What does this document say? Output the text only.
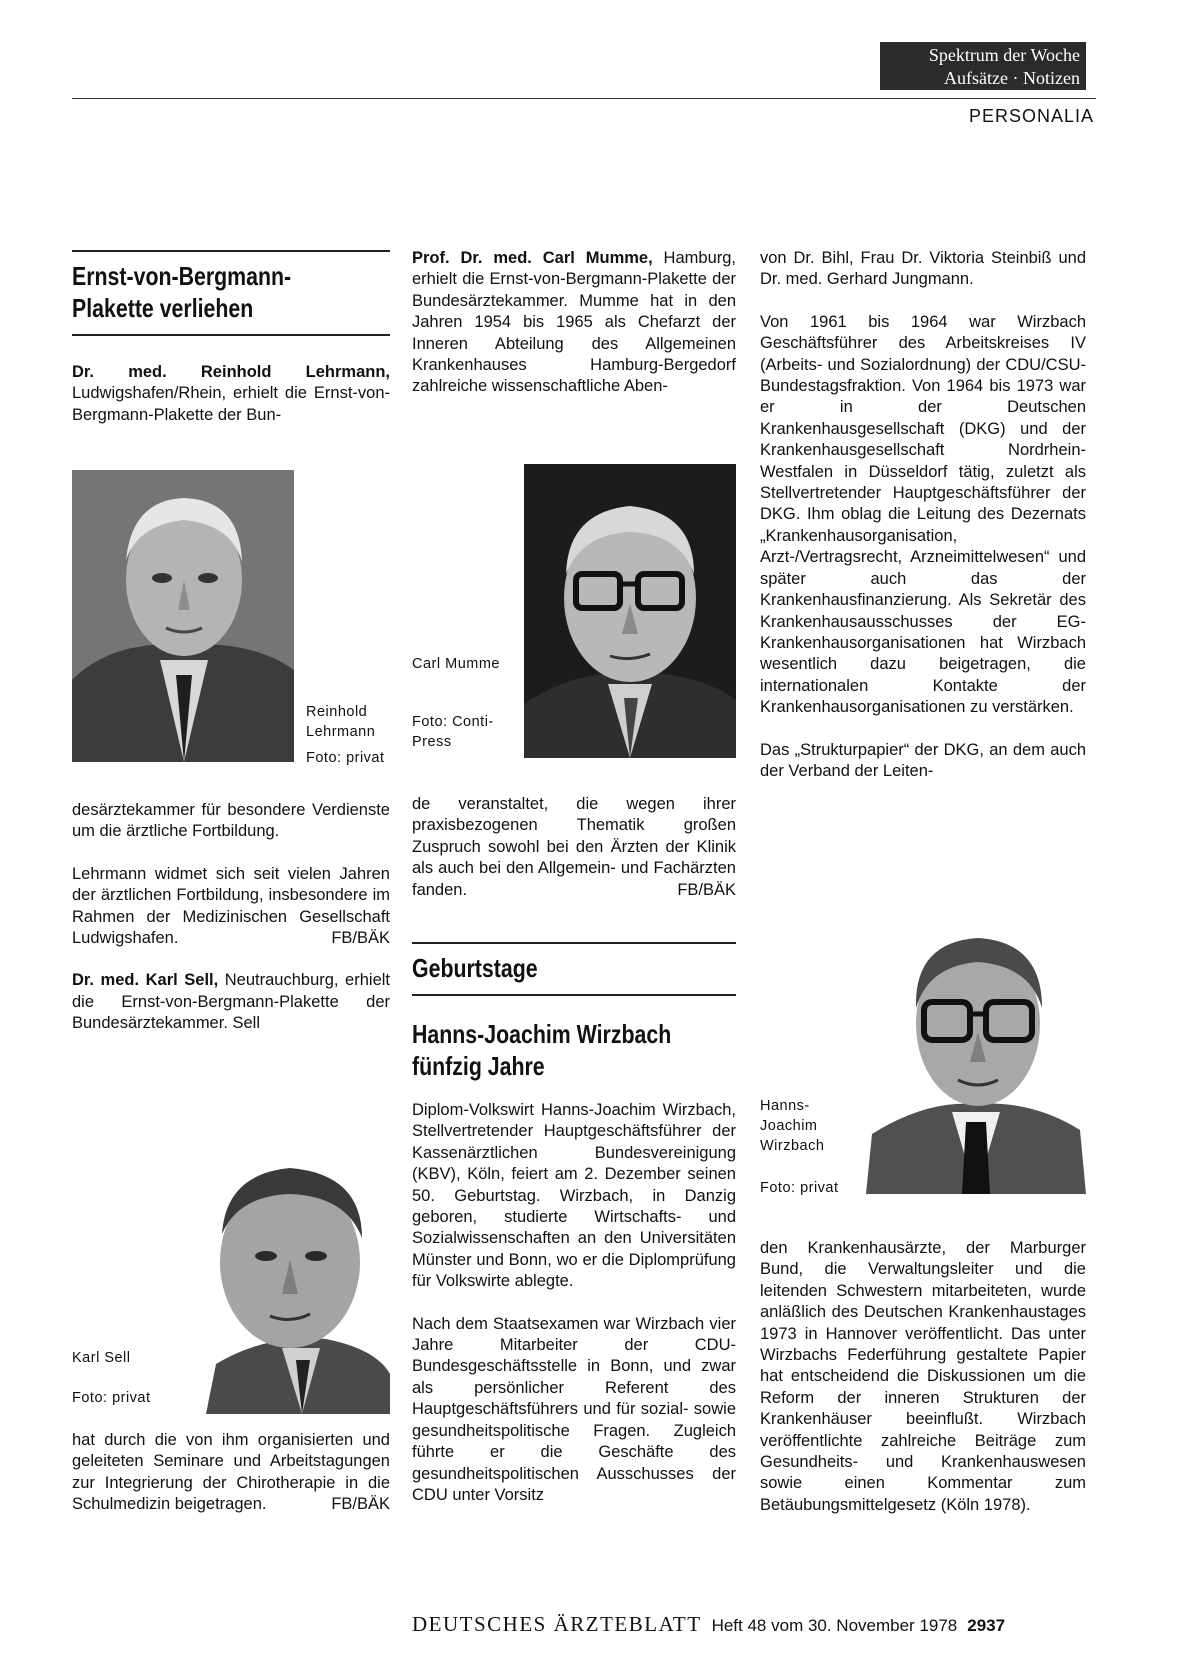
Spektrum der Woche
Aufsätze · Notizen
PERSONALIA
Ernst-von-Bergmann-
Plakette verliehen
Dr. med. Reinhold Lehrmann, Ludwigshafen/Rhein, erhielt die Ernst-von-Bergmann-Plakette der Bun-
Reinhold Lehrmann
Foto: privat

desärztekammer für besondere Verdienste um die ärztliche Fortbildung.

Lehrmann widmet sich seit vielen Jahren der ärztlichen Fortbildung, insbesondere im Rahmen der Medizinischen Gesellschaft Ludwigshafen.	FB/BÄK

Dr. med. Karl Sell, Neutrauchburg, erhielt die Ernst-von-Bergmann-Plakette der Bundesärztekammer. Sell

Karl Sell
Foto: privat

hat durch die von ihm organisierten und geleiteten Seminare und Arbeitstagungen zur Integrierung der Chirotherapie in die Schulmedizin beigetragen.	FB/BÄK

Prof. Dr. med. Carl Mumme, Hamburg, erhielt die Ernst-von-Bergmann-Plakette der Bundesärztekammer. Mumme hat in den Jahren 1954 bis 1965 als Chefarzt der Inneren Abteilung des Allgemeinen Krankenhauses Hamburg-Bergedorf zahlreiche wissenschaftliche Aben-
Carl Mumme
Foto: Conti-Press

de veranstaltet, die wegen ihrer praxisbezogenen Thematik großen Zuspruch sowohl bei den Ärzten der Klinik als auch bei den Allgemein- und Fachärzten fanden.	FB/BÄK

Geburtstage
Hanns-Joachim Wirzbach
fünfzig Jahre

Diplom-Volkswirt Hanns-Joachim Wirzbach, Stellvertretender Hauptgeschäftsführer der Kassenärztlichen Bundesvereinigung (KBV), Köln, feiert am 2. Dezember seinen 50. Geburtstag. Wirzbach, in Danzig geboren, studierte Wirtschafts- und Sozialwissenschaften an den Universitäten Münster und Bonn, wo er die Diplomprüfung für Volkswirte ablegte.

Nach dem Staatsexamen war Wirzbach vier Jahre Mitarbeiter der CDU-Bundesgeschäftsstelle in Bonn, und zwar als persönlicher Referent des Hauptgeschäftsführers und für sozial- sowie gesundheitspolitische Fragen. Zugleich führte er die Geschäfte des gesundheitspolitischen Ausschusses der CDU unter Vorsitz

von Dr. Bihl, Frau Dr. Viktoria Steinbiß und Dr. med. Gerhard Jungmann.

Von 1961 bis 1964 war Wirzbach Geschäftsführer des Arbeitskreises IV (Arbeits- und Sozialordnung) der CDU/CSU-Bundestagsfraktion. Von 1964 bis 1973 war er in der Deutschen Krankenhausgesellschaft (DKG) und der Krankenhausgesellschaft Nordrhein-Westfalen in Düsseldorf tätig, zuletzt als Stellvertretender Hauptgeschäftsführer der DKG. Ihm oblag die Leitung des Dezernats „Krankenhausorganisation, Arzt-/Vertragsrecht, Arzneimittelwesen“ und später auch das der Krankenhausfinanzierung. Als Sekretär des Krankenhausausschusses der EG-Krankenhausorganisationen hat Wirzbach wesentlich dazu beigetragen, die internationalen Kontakte der Krankenhausorganisationen zu verstärken.

Das „Strukturpapier“ der DKG, an dem auch der Verband der Leiten-

Hanns-Joachim Wirzbach
Foto: privat

den Krankenhausärzte, der Marburger Bund, die Verwaltungsleiter und die leitenden Schwestern mitarbeiteten, wurde anläßlich des Deutschen Krankenhaustages 1973 in Hannover veröffentlicht. Das unter Wirzbachs Federführung gestaltete Papier hat entscheidend die Diskussionen um die Reform der inneren Strukturen der Krankenhäuser beeinflußt. Wirzbach veröffentlichte zahlreiche Beiträge zum Gesundheits- und Krankenhauswesen sowie einen Kommentar zum Betäubungsmittelgesetz (Köln 1978).

DEUTSCHES ÄRZTEBLATT Heft 48 vom 30. November 1978 2937
